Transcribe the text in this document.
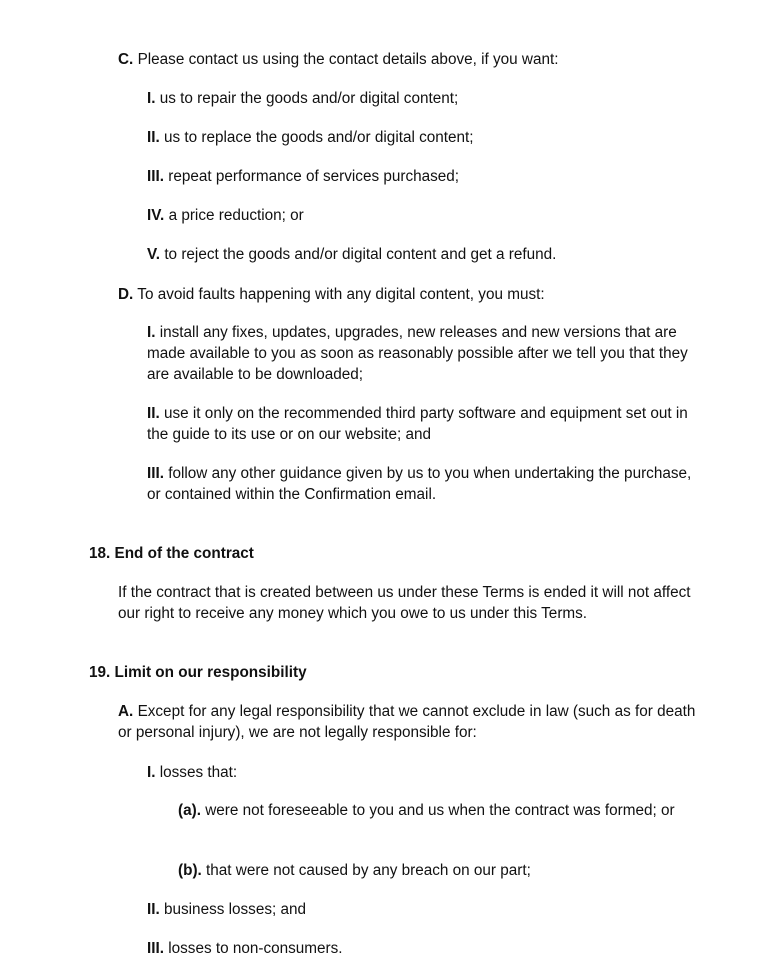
C. Please contact us using the contact details above, if you want:

I. us to repair the goods and/or digital content;

II. us to replace the goods and/or digital content;

III. repeat performance of services purchased;

IV. a price reduction; or

V. to reject the goods and/or digital content and get a refund.

D. To avoid faults happening with any digital content, you must:

I. install any fixes, updates, upgrades, new releases and new versions that are made available to you as soon as reasonably possible after we tell you that they are available to be downloaded;

II. use it only on the recommended third party software and equipment set out in the guide to its use or on our website; and

III. follow any other guidance given by us to you when undertaking the purchase, or contained within the Confirmation email.

18. End of the contract

If the contract that is created between us under these Terms is ended it will not affect our right to receive any money which you owe to us under this Terms.

19. Limit on our responsibility

A. Except for any legal responsibility that we cannot exclude in law (such as for death or personal injury), we are not legally responsible for:

I. losses that:

(a). were not foreseeable to you and us when the contract was formed; or

(b). that were not caused by any breach on our part;

II. business losses; and

III. losses to non-consumers.
